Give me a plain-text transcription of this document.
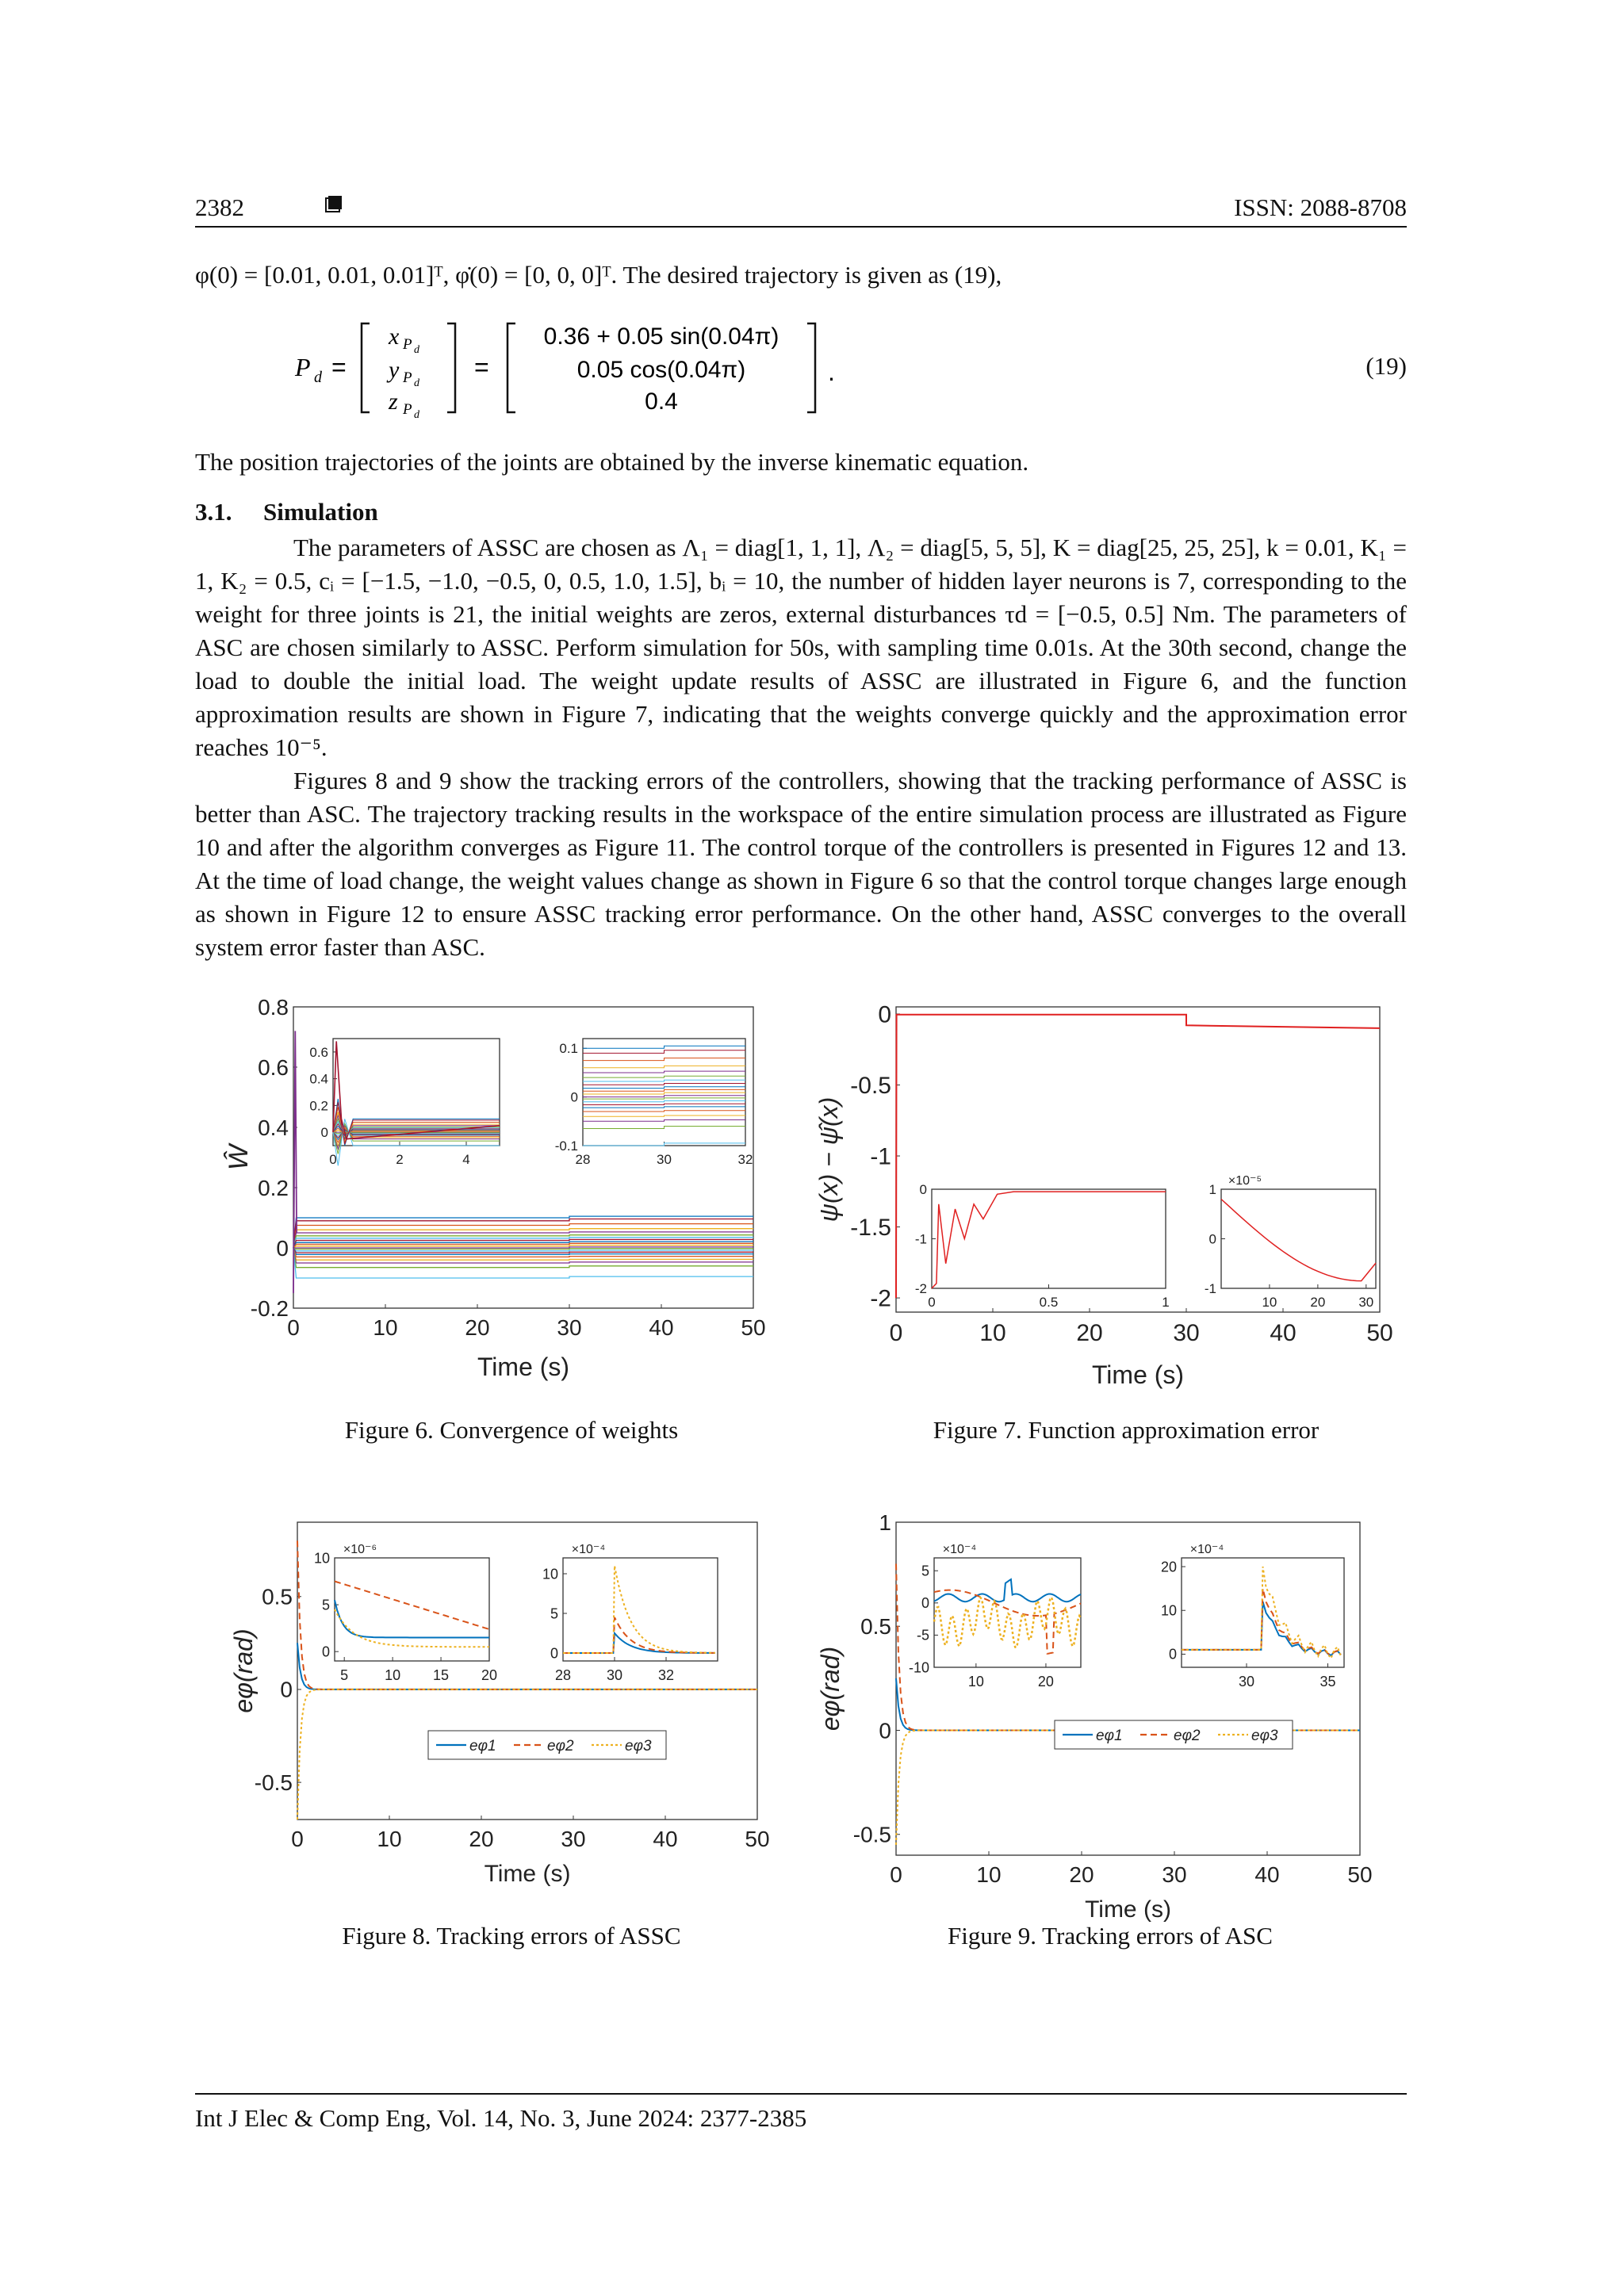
2382	ISSN: 2088-8708
φ(0) = [0.01, 0.01, 0.01]ᵀ, φ̇(0) = [0, 0, 0]ᵀ. The desired trajectory is given as (19),
P d =
x P d
y P d
z P d
=
0.36 + 0.05 sin(0.04π)
0.05 cos(0.04π)
0.4
.	(19)
The position trajectories of the joints are obtained by the inverse kinematic equation.
3.1. Simulation
The parameters of ASSC are chosen as Λ₁ = diag[1, 1, 1], Λ₂ = diag[5, 5, 5], K = diag[25, 25, 25], k = 0.01, K₁ = 1, K₂ = 0.5, cᵢ = [−1.5, −1.0, −0.5, 0, 0.5, 1.0, 1.5], bᵢ = 10, the number of hidden layer neurons is 7, corresponding to the weight for three joints is 21, the initial weights are zeros, external disturbances τd = [−0.5, 0.5] Nm. The parameters of ASC are chosen similarly to ASSC. Perform simulation for 50s, with sampling time 0.01s. At the 30th second, change the load to double the initial load. The weight update results of ASSC are illustrated in Figure 6, and the function approximation results are shown in Figure 7, indicating that the weights converge quickly and the approximation error reaches 10⁻⁵.
Figures 8 and 9 show the tracking errors of the controllers, showing that the tracking performance of ASSC is better than ASC. The trajectory tracking results in the workspace of the entire simulation process are illustrated as Figure 10 and after the algorithm converges as Figure 11. The control torque of the controllers is presented in Figures 12 and 13. At the time of load change, the weight values change as shown in Figure 6 so that the control torque changes large enough as shown in Figure 12 to ensure ASSC tracking error performance. On the other hand, ASSC converges to the overall system error faster than ASC.
0	10	20	30	40	50
-0.2
0
0.2
0.4
0.6
0.8
Time (s)
Ŵ	0	2	4
0
0.2
0.4
0.6
28	30	32
-0.1
0
0.1
Figure 6. Convergence of weights
0	10	20	30	40	50
0
-0.5
-1
-1.5
-2
Time (s)
ψ(x) − ψ̂(x)
0	0.5	1
0
-1
-2
10 20 30
1
0
-1
×10⁻⁵
Figure 7. Function approximation error
0	10	20	30	40	50
0.5
0
-0.5
Time (s)
eφ(rad)
eφ1	eφ2	eφ3
5	10 15 20
10
5
0
×10⁻⁶
28 30 32
10
5
0
×10⁻⁴
Figure 8. Tracking errors of ASSC
0	10	20	30	40	50
1
0.5
0
-0.5
Time (s)
eφ(rad)
eφ1	eφ2	eφ3
10	20
5
0
-5
-10
×10⁻⁴
30	35
20
10
0
×10⁻⁴
Figure 9. Tracking errors of ASC
Int J Elec & Comp Eng, Vol. 14, No. 3, June 2024: 2377-2385
